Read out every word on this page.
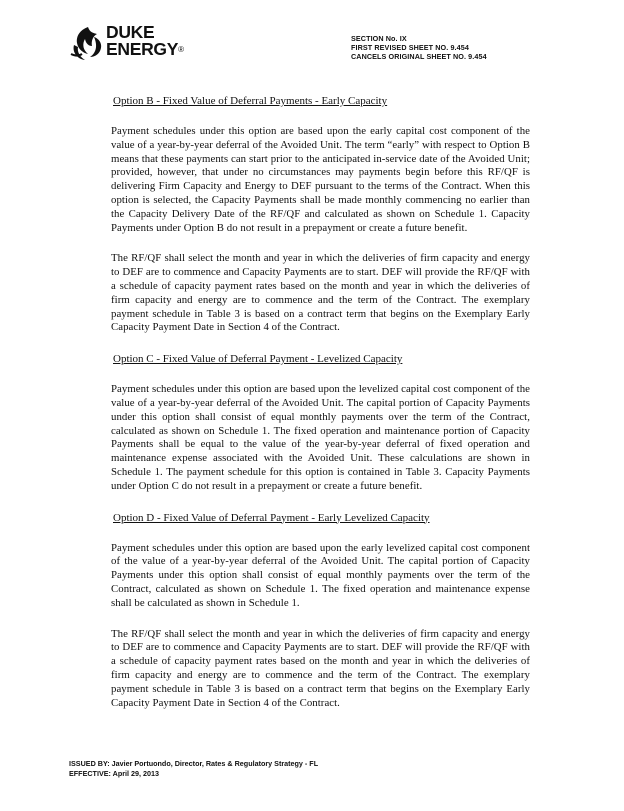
DUKE
ENERGY®
SECTION No. IX
FIRST REVISED SHEET NO. 9.454
CANCELS ORIGINAL SHEET NO. 9.454
Option B - Fixed Value of Deferral Payments - Early Capacity

Payment schedules under this option are based upon the early capital cost component of the value of a year-by-year deferral of the Avoided Unit. The term “early” with respect to Option B means that these payments can start prior to the anticipated in-service date of the Avoided Unit; provided, however, that under no circumstances may payments begin before this RF/QF is delivering Firm Capacity and Energy to DEF pursuant to the terms of the Contract. When this option is selected, the Capacity Payments shall be made monthly commencing no earlier than the Capacity Delivery Date of the RF/QF and calculated as shown on Schedule 1. Capacity Payments under Option B do not result in a prepayment or create a future benefit.

The RF/QF shall select the month and year in which the deliveries of firm capacity and energy to DEF are to commence and Capacity Payments are to start. DEF will provide the RF/QF with a schedule of capacity payment rates based on the month and year in which the deliveries of firm capacity and energy are to commence and the term of the Contract. The exemplary payment schedule in Table 3 is based on a contract term that begins on the Exemplary Early Capacity Payment Date in Section 4 of the Contract.

Option C - Fixed Value of Deferral Payment - Levelized Capacity

Payment schedules under this option are based upon the levelized capital cost component of the value of a year-by-year deferral of the Avoided Unit. The capital portion of Capacity Payments under this option shall consist of equal monthly payments over the term of the Contract, calculated as shown on Schedule 1. The fixed operation and maintenance portion of Capacity Payments shall be equal to the value of the year-by-year deferral of fixed operation and maintenance expense associated with the Avoided Unit. These calculations are shown in Schedule 1. The payment schedule for this option is contained in Table 3. Capacity Payments under Option C do not result in a prepayment or create a future benefit.

Option D - Fixed Value of Deferral Payment - Early Levelized Capacity

Payment schedules under this option are based upon the early levelized capital cost component of the value of a year-by-year deferral of the Avoided Unit. The capital portion of Capacity Payments under this option shall consist of equal monthly payments over the term of the Contract, calculated as shown on Schedule 1. The fixed operation and maintenance expense shall be calculated as shown in Schedule 1.

The RF/QF shall select the month and year in which the deliveries of firm capacity and energy to DEF are to commence and Capacity Payments are to start. DEF will provide the RF/QF with a schedule of capacity payment rates based on the month and year in which the deliveries of firm capacity and energy are to commence and the term of the Contract. The exemplary payment schedule in Table 3 is based on a contract term that begins on the Exemplary Early Capacity Payment Date in Section 4 of the Contract.

ISSUED BY: Javier Portuondo, Director, Rates & Regulatory Strategy - FL
EFFECTIVE: April 29, 2013
